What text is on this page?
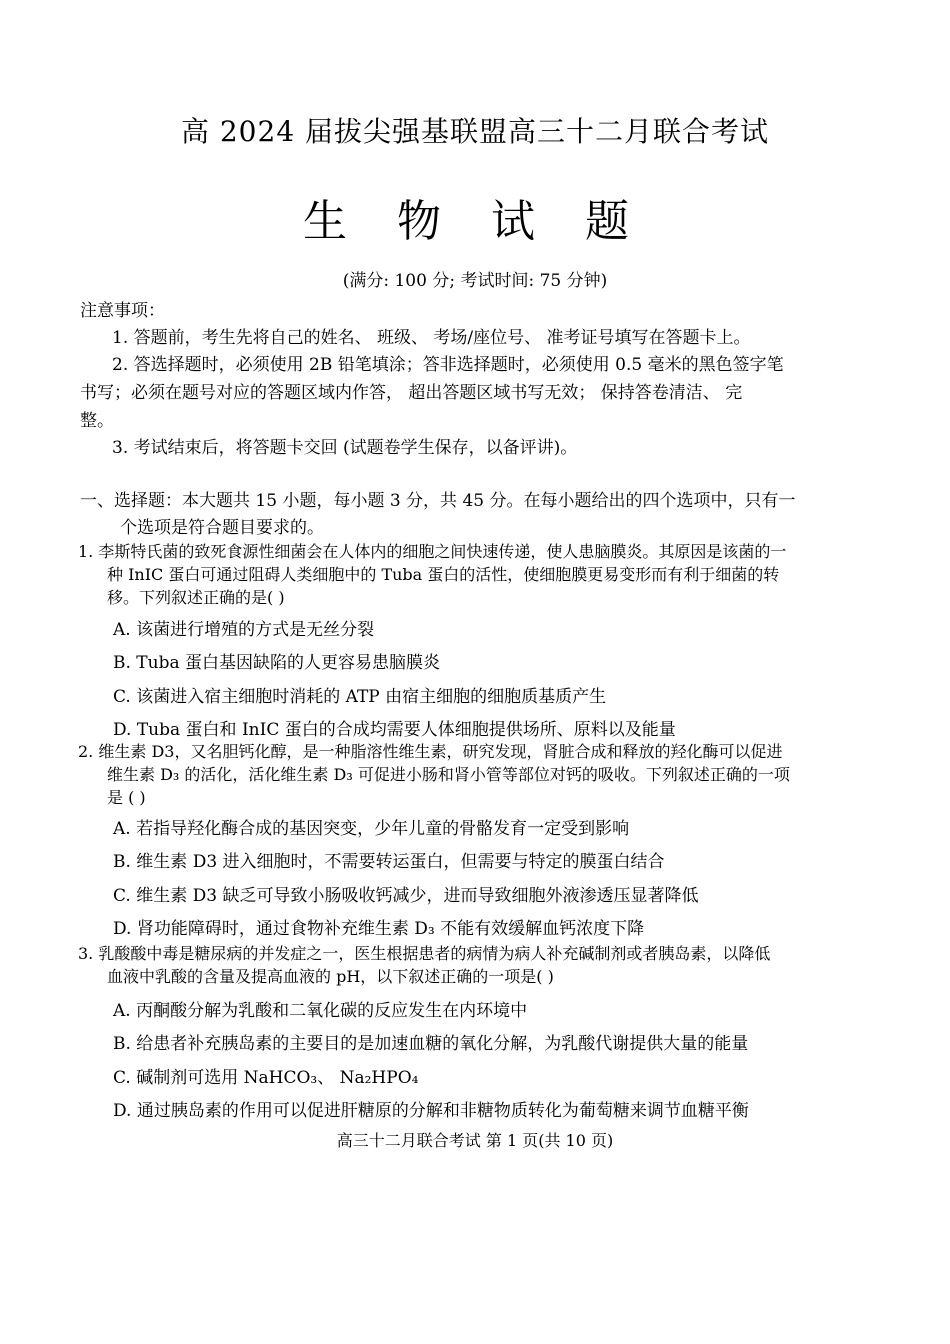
高 2024 届拔尖强基联盟高三十二月联合考试
生 物 试 题
(满分: 100 分; 考试时间: 75 分钟)
注意事项：
1. 答题前，考生先将自己的姓名、 班级、 考场/座位号、 准考证号填写在答题卡上。
2. 答选择题时，必须使用 2B 铅笔填涂；答非选择题时，必须使用 0.5 毫米的黑色签字笔
书写；必须在题号对应的答题区域内作答， 超出答题区域书写无效； 保持答卷清洁、 完
整。
3. 考试结束后，将答题卡交回 (试题卷学生保存，以备评讲)。
一、选择题：本大题共 15 小题，每小题 3 分，共 45 分。在每小题给出的四个选项中，只有一
个选项是符合题目要求的。
1. 李斯特氏菌的致死食源性细菌会在人体内的细胞之间快速传递，使人患脑膜炎。其原因是该菌的一
种 InIC 蛋白可通过阻碍人类细胞中的 Tuba 蛋白的活性，使细胞膜更易变形而有利于细菌的转
移。下列叙述正确的是( )
A. 该菌进行增殖的方式是无丝分裂
B. Tuba 蛋白基因缺陷的人更容易患脑膜炎
C. 该菌进入宿主细胞时消耗的 ATP 由宿主细胞的细胞质基质产生
D. Tuba 蛋白和 InIC 蛋白的合成均需要人体细胞提供场所、原料以及能量
2. 维生素 D3，又名胆钙化醇，是一种脂溶性维生素，研究发现，肾脏合成和释放的羟化酶可以促进
维生素 D₃ 的活化，活化维生素 D₃ 可促进小肠和肾小管等部位对钙的吸收。下列叙述正确的一项
是 ( )
A. 若指导羟化酶合成的基因突变，少年儿童的骨骼发育一定受到影响
B. 维生素 D3 进入细胞时，不需要转运蛋白，但需要与特定的膜蛋白结合
C. 维生素 D3 缺乏可导致小肠吸收钙减少，进而导致细胞外液渗透压显著降低
D. 肾功能障碍时，通过食物补充维生素 D₃ 不能有效缓解血钙浓度下降
3. 乳酸酸中毒是糖尿病的并发症之一，医生根据患者的病情为病人补充碱制剂或者胰岛素，以降低
血液中乳酸的含量及提高血液的 pH，以下叙述正确的一项是( )
A. 丙酮酸分解为乳酸和二氧化碳的反应发生在内环境中
B. 给患者补充胰岛素的主要目的是加速血糖的氧化分解，为乳酸代谢提供大量的能量
C. 碱制剂可选用 NaHCO₃、 Na₂HPO₄
D. 通过胰岛素的作用可以促进肝糖原的分解和非糖物质转化为葡萄糖来调节血糖平衡
高三十二月联合考试 第 1 页(共 10 页)
